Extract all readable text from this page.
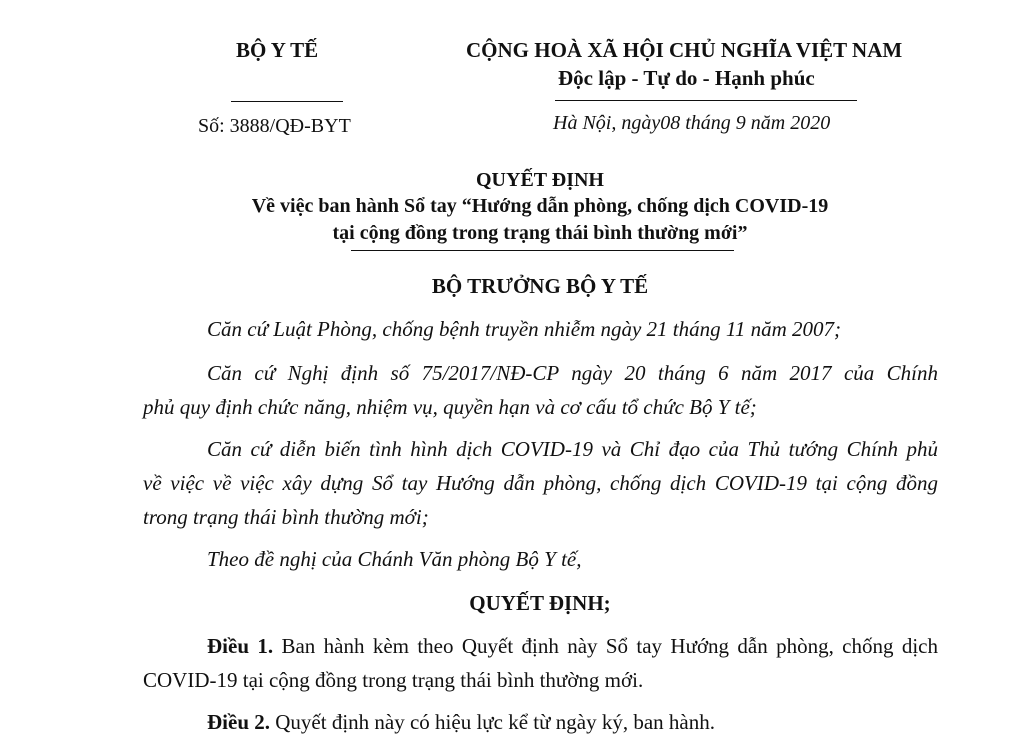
BỘ Y TẾ
Số: 3888/QĐ-BYT
CỘNG HOÀ XÃ HỘI CHỦ NGHĨA VIỆT NAM
Độc lập - Tự do - Hạnh phúc
Hà Nội, ngày08 tháng 9 năm 2020
QUYẾT ĐỊNH
Về việc ban hành Sổ tay “Hướng dẫn phòng, chống dịch COVID-19
tại cộng đồng trong trạng thái bình thường mới”
BỘ TRƯỞNG BỘ Y TẾ
Căn cứ Luật Phòng, chống bệnh truyền nhiễm ngày 21 tháng 11 năm 2007;
Căn cứ Nghị định số 75/2017/NĐ-CP ngày 20 tháng 6 năm 2017 của Chính
phủ quy định chức năng, nhiệm vụ, quyền hạn và cơ cấu tổ chức Bộ Y tế;
Căn cứ diễn biến tình hình dịch COVID-19 và Chỉ đạo của Thủ tướng Chính phủ
về việc về việc xây dựng Sổ tay Hướng dẫn phòng, chống dịch COVID-19 tại cộng đồng
trong trạng thái bình thường mới;
Theo đề nghị của Chánh Văn phòng Bộ Y tế,
QUYẾT ĐỊNH;
Điều 1. Ban hành kèm theo Quyết định này Sổ tay Hướng dẫn phòng, chống dịch
COVID-19 tại cộng đồng trong trạng thái bình thường mới.
Điều 2. Quyết định này có hiệu lực kể từ ngày ký, ban hành.
